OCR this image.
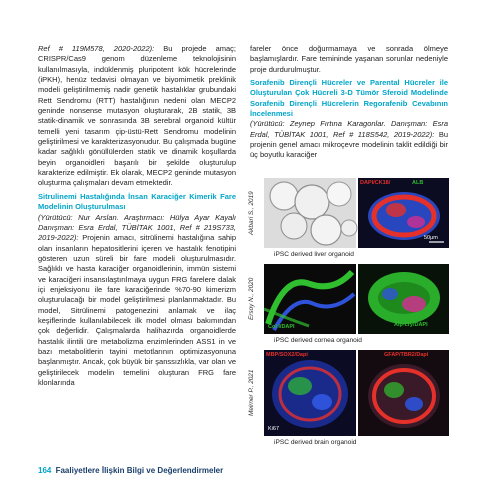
Ref # 119M578, 2020-2022): Bu projede amaç; CRISPR/Cas9 genom düzenleme teknolojisinin kullanılmasıyla, indüklenmiş pluripotent kök hücrelerinde (iPKH), henüz tedavisi olmayan ve biyomimetik preklinik modeli geliştirilmemiş nadir genetik hastalıklar grubundaki Rett Sendromu (RTT) hastalığının nedeni olan MECP2 geninde nonsense mutasyon oluşturarak, 2B statik, 3B statik-dinamik ve sonrasında 3B serebral organoid kültür temelli yeni tasarım çip-üstü-Rett Sendromu modelinin geliştirilmesi ve karakterizasyonudur. Bu çalışmada bugüne kadar sağlıklı gönüllülerden statik ve dinamik koşullarda beyin organoidleri başarılı bir şekilde oluşturulup karakterize edilmiştir. Ek olarak, MECP2 geninde mutasyon oluşturma çalışmaları devam etmektedir.

Sitrulinemi Hastalığında İnsan Karaciğer Kimerik Fare Modelinin Oluşturulması

(Yürütücü: Nur Arslan. Araştırmacı: Hülya Ayar Kayalı Danışman: Esra Erdal, TÜBİTAK 1001, Ref # 219S733, 2019-2022): Projenin amacı, sitrülinemi hastalığına sahip olan insanların hepatositlerini içeren ve hastalık fenotipini gösteren uzun süreli bir fare modeli oluşturulmasıdır. Sağlıklı ve hasta karaciğer organoidlerinin, immün sistemi ve karaciğeri insansılaştırılmaya uygun FRG farelere dalak içi enjeksiyonu ile fare karaciğerinde %70-90 kimerizm oluşturulacağı bir model geliştirilmesi planlanmaktadır. Bu model, Sitrülinemi patogenezini anlamak ve ilaç keşiflerinde kullanılabilecek ilk model olması bakımından çok değerlidir. Çalışmalarda halihazırda organoidlerde hastalık ilintili üre metabolizma enzimlerinden ASS1 in ve bazı metabolitlerin tayini metotlarının optimizasyonuna başlanmıştır. Ancak, çok büyük bir şanssızlıkla, var olan ve geliştirilecek modelin temelini oluşturan FRG fare klonlarında

fareler önce doğurmamaya ve sonrada ölmeye başlamışlardır. Fare temininde yaşanan sorunlar nedeniyle proje durdurulmuştur.

Sorafenib Dirençli Hücreler ve Parental Hücreler ile Oluşturulan Çok Hücreli 3-D Tümör Sferoid Modelinde Sorafenib Dirençli Hücrelerin Regorafenib Cevabının İncelenmesi

(Yürütücü: Zeynep Fırtına Karagonlar. Danışman: Esra Erdal, TÜBİTAK 1001, Ref # 118S542, 2019-2022): Bu projenin genel amacı mikroçevre modelinin taklit edildiği bir üç boyutlu karaciğer

Akbari S., 2019
DAPI/CK18/	ALB
50μm
iPSC derived liver organoid
Ersoy N., 2020
Col I/DAPI	Alp-cry/DAPI
iPSC derived cornea organoid
Meirner P., 2021
MBP/SOX2/Dapi	GFAP/TBR2/Dapi
Ki67
iPSC derived brain organoid
164 Faaliyetlere İlişkin Bilgi ve Değerlendirmeler
